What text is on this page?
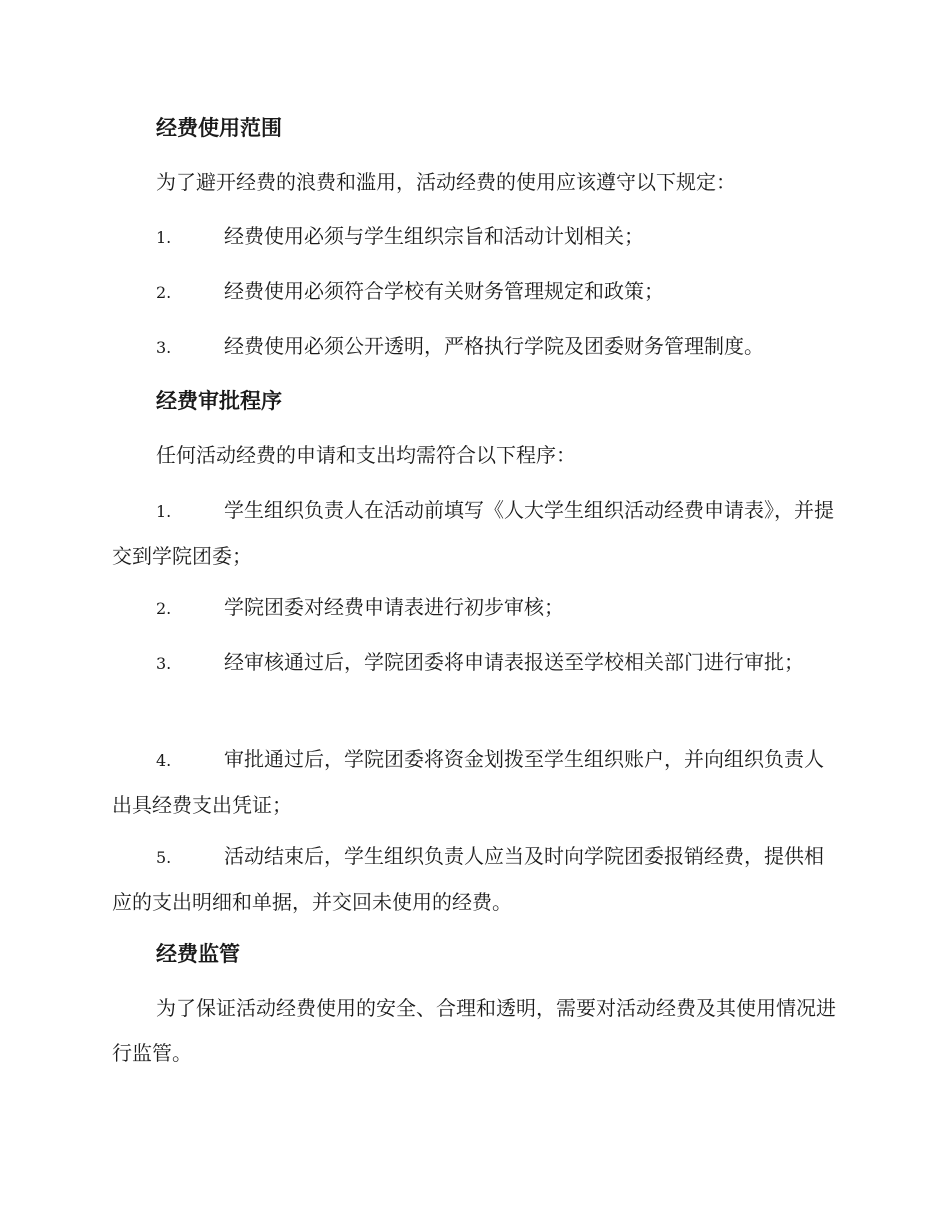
经费使用范围

为了避开经费的浪费和滥用，活动经费的使用应该遵守以下规定：

1.	经费使用必须与学生组织宗旨和活动计划相关；

2.	经费使用必须符合学校有关财务管理规定和政策；

3.	经费使用必须公开透明，严格执行学院及团委财务管理制度。

经费审批程序

任何活动经费的申请和支出均需符合以下程序：

1.	学生组织负责人在活动前填写《人大学生组织活动经费申请表》，并提交到学院团委；

2.	学院团委对经费申请表进行初步审核；

3.	经审核通过后，学院团委将申请表报送至学校相关部门进行审批；

4.	审批通过后，学院团委将资金划拨至学生组织账户，并向组织负责人出具经费支出凭证；

5.	活动结束后，学生组织负责人应当及时向学院团委报销经费，提供相应的支出明细和单据，并交回未使用的经费。

经费监管

为了保证活动经费使用的安全、合理和透明，需要对活动经费及其使用情况进行监管。
